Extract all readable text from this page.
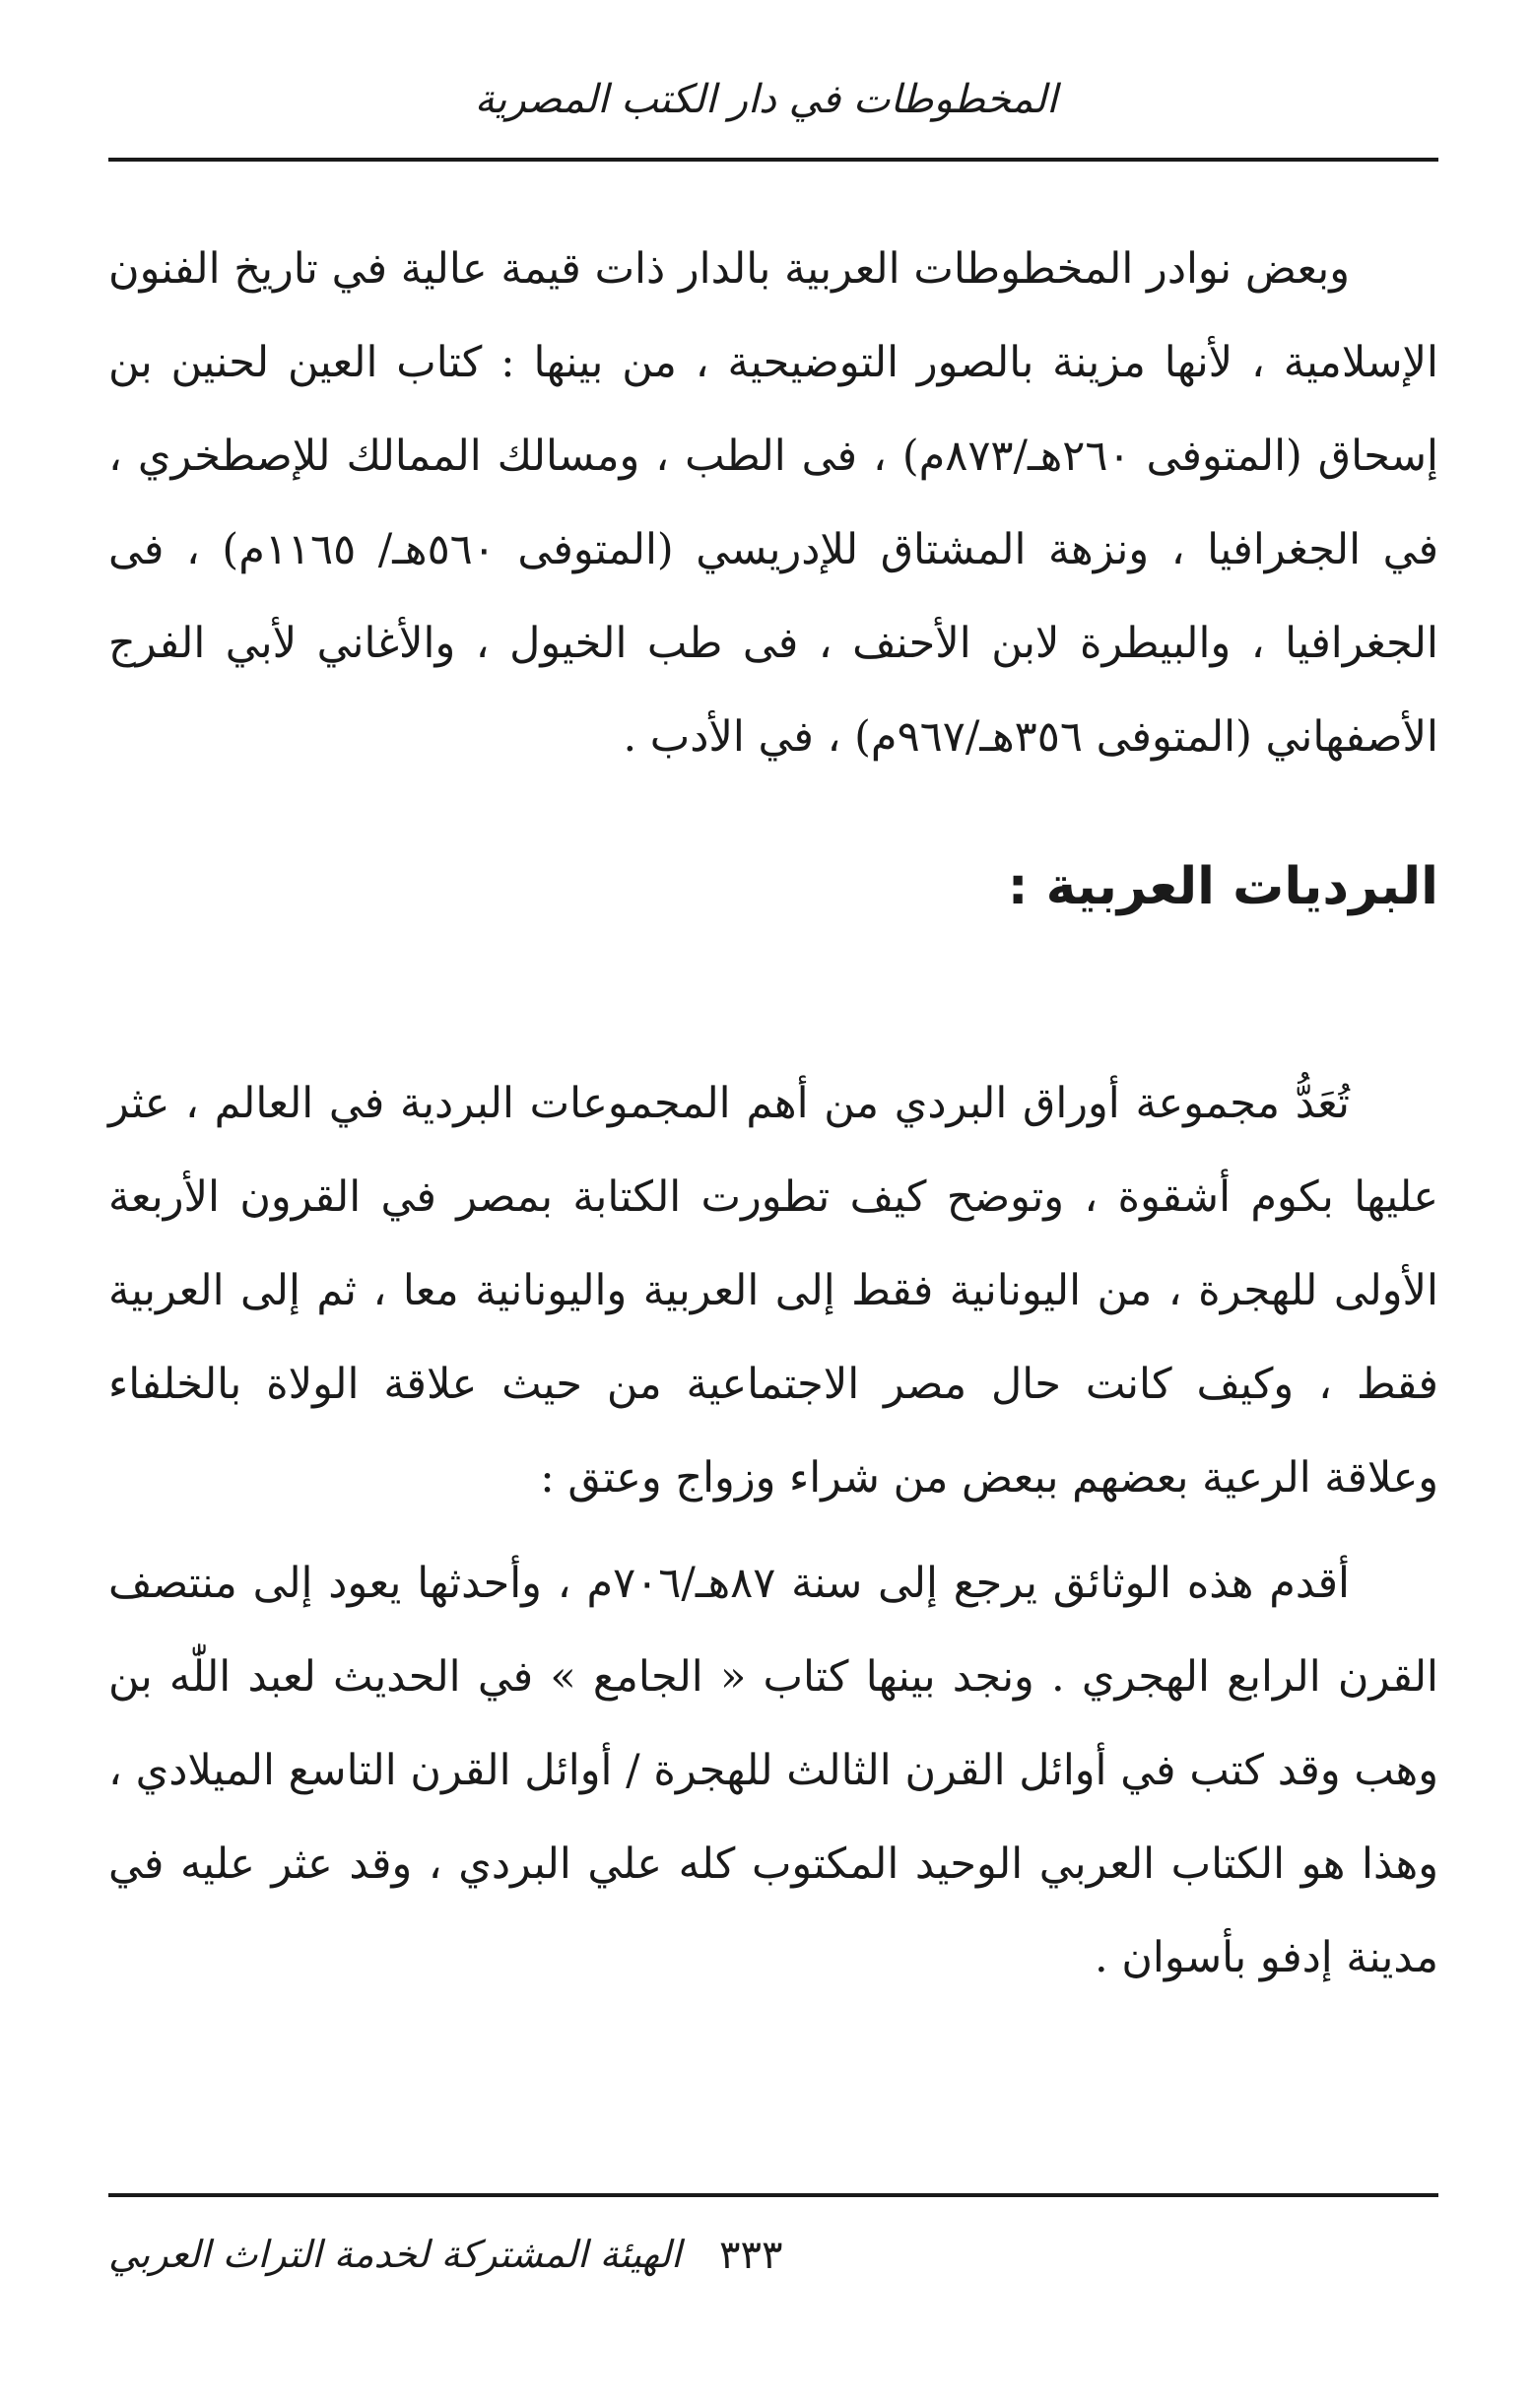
المخطوطات في دار الكتب المصرية

وبعض نوادر المخطوطات العربية بالدار ذات قيمة عالية في تاريخ الفنون الإسلامية ، لأنها مزينة بالصور التوضيحية ، من بينها : كتاب العين لحنين بن إسحاق (المتوفى ٢٦٠هـ/٨٧٣م) ، فى الطب ، ومسالك الممالك للإصطخري ، في الجغرافيا ، ونزهة المشتاق للإدريسي (المتوفى ٥٦٠هـ/ ١١٦٥م) ، فى الجغرافيا ، والبيطرة لابن الأحنف ، فى طب الخيول ، والأغاني لأبي الفرج الأصفهاني (المتوفى ٣٥٦هـ/٩٦٧م) ، في الأدب .

البرديات العربية :

تُعَدُّ مجموعة أوراق البردي من أهم المجموعات البردية في العالم ، عثر عليها بكوم أشقوة ، وتوضح كيف تطورت الكتابة بمصر في القرون الأربعة الأولى للهجرة ، من اليونانية فقط إلى العربية واليونانية معا ، ثم إلى العربية فقط ، وكيف كانت حال مصر الاجتماعية من حيث علاقة الولاة بالخلفاء وعلاقة الرعية بعضهم ببعض من شراء وزواج وعتق :

أقدم هذه الوثائق يرجع إلى سنة ٨٧هـ/٧٠٦م ، وأحدثها يعود إلى منتصف القرن الرابع الهجري . ونجد بينها كتاب « الجامع » في الحديث لعبد اللّٰه بن وهب وقد كتب في أوائل القرن الثالث للهجرة / أوائل القرن التاسع الميلادي ، وهذا هو الكتاب العربي الوحيد المكتوب كله علي البردي ، وقد عثر عليه في مدينة إدفو بأسوان .

٣٣٣
الهيئة المشتركة لخدمة التراث العربي
